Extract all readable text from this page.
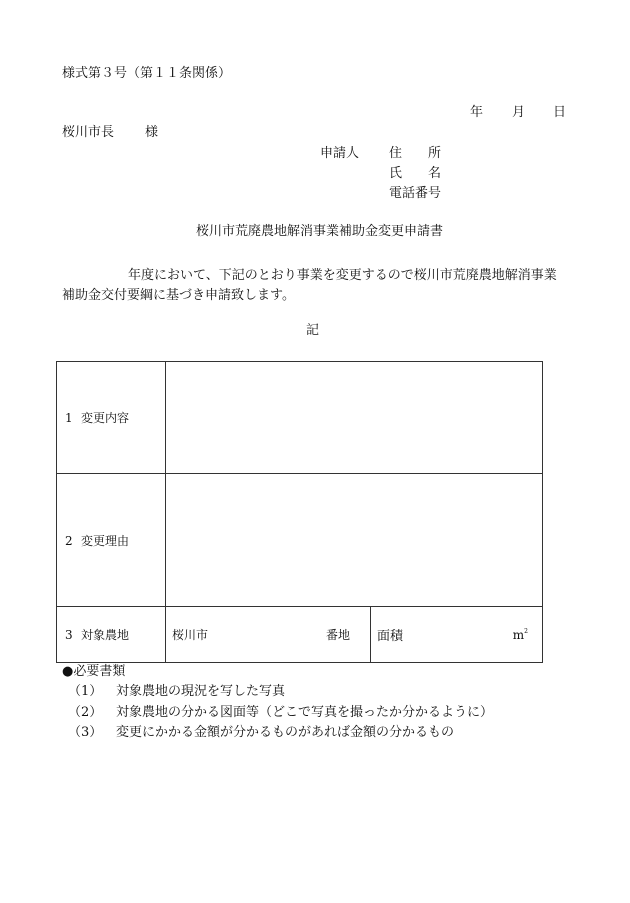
様式第３号（第１１条関係）
年 月 日
桜川市長 様
申請人 住　　所
氏　　名
電話番号
桜川市荒廃農地解消事業補助金変更申請書
年度において、下記のとおり事業を変更するので桜川市荒廃農地解消事業補助金交付要綱に基づき申請致します。
記
1 変更内容		
2 変更理由		
3 対象農地	桜川市 番地	面積 $m^2$
●必要書類
（1） 対象農地の現況を写した写真
（2） 対象農地の分かる図面等（どこで写真を撮ったか分かるように）
（3） 変更にかかる金額が分かるものがあれば金額の分かるもの
